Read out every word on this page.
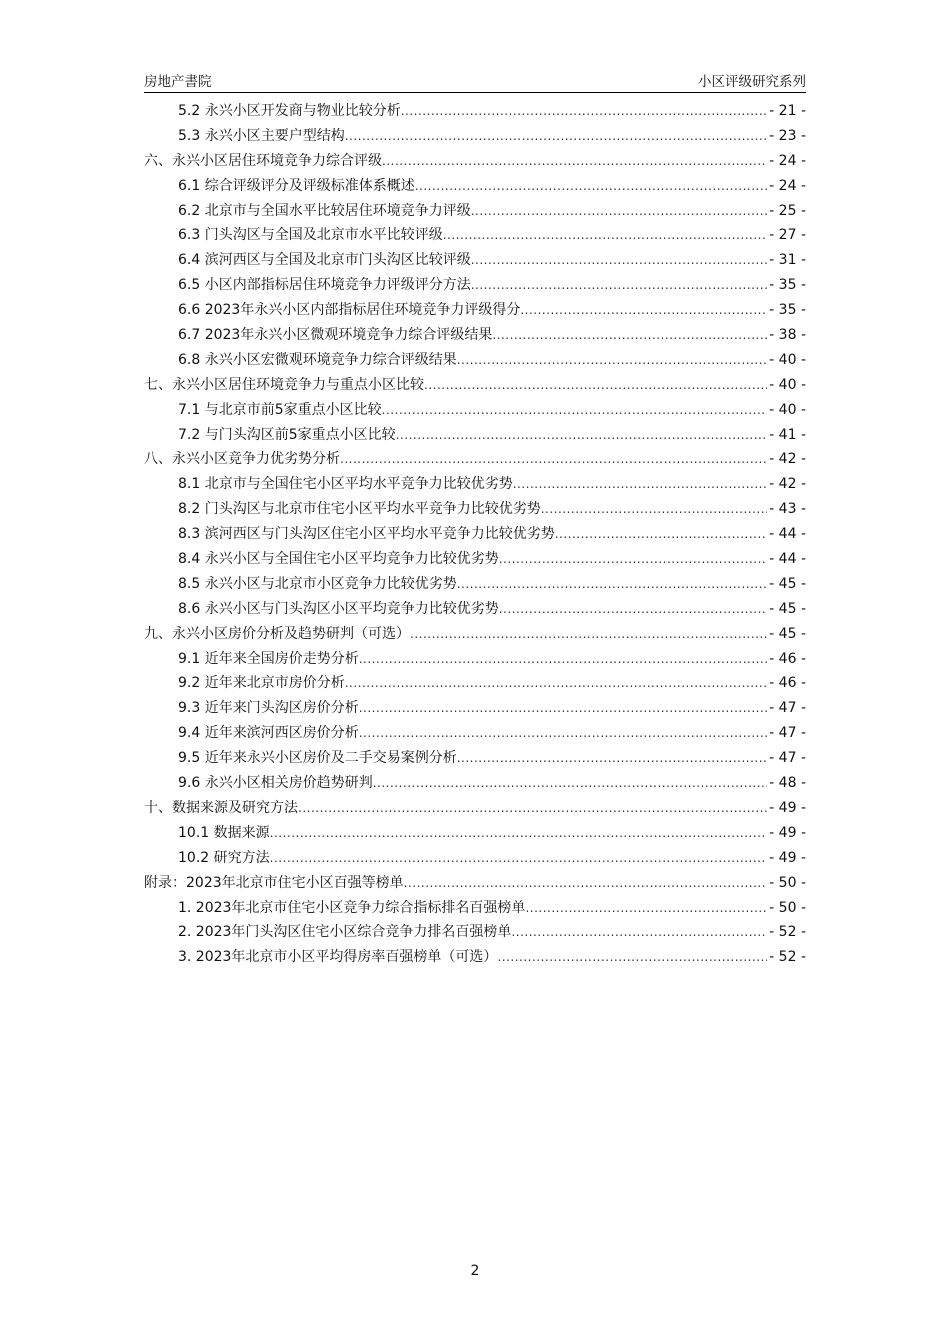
房地产書院	小区评级研究系列
5.2 永兴小区开发商与物业比较分析 .....	- 21 -
5.3 永兴小区主要户型结构 .....	- 23 -
六、永兴小区居住环境竞争力综合评级 .....	- 24 -
6.1 综合评级评分及评级标准体系概述 .....	- 24 -
6.2 北京市与全国水平比较居住环境竞争力评级 .....	- 25 -
6.3 门头沟区与全国及北京市水平比较评级 .....	- 27 -
6.4 滨河西区与全国及北京市门头沟区比较评级 .....	- 31 -
6.5 小区内部指标居住环境竞争力评级评分方法 .....	- 35 -
6.6 2023年永兴小区内部指标居住环境竞争力评级得分 .....	- 35 -
6.7 2023年永兴小区微观环境竞争力综合评级结果 .....	- 38 -
6.8 永兴小区宏微观环境竞争力综合评级结果 .....	- 40 -
七、永兴小区居住环境竞争力与重点小区比较 .....	- 40 -
7.1 与北京市前5家重点小区比较 .....	- 40 -
7.2 与门头沟区前5家重点小区比较 .....	- 41 -
八、永兴小区竞争力优劣势分析 .....	- 42 -
8.1 北京市与全国住宅小区平均水平竞争力比较优劣势 .....	- 42 -
8.2 门头沟区与北京市住宅小区平均水平竞争力比较优劣势 .....	- 43 -
8.3 滨河西区与门头沟区住宅小区平均水平竞争力比较优劣势 .....	- 44 -
8.4 永兴小区与全国住宅小区平均竞争力比较优劣势 .....	- 44 -
8.5 永兴小区与北京市小区竞争力比较优劣势 .....	- 45 -
8.6 永兴小区与门头沟区小区平均竞争力比较优劣势 .....	- 45 -
九、永兴小区房价分析及趋势研判（可选） .....	- 45 -
9.1 近年来全国房价走势分析 .....	- 46 -
9.2 近年来北京市房价分析 .....	- 46 -
9.3 近年来门头沟区房价分析 .....	- 47 -
9.4 近年来滨河西区房价分析 .....	- 47 -
9.5 近年来永兴小区房价及二手交易案例分析 .....	- 47 -
9.6 永兴小区相关房价趋势研判 .....	- 48 -
十、数据来源及研究方法 .....	- 49 -
10.1 数据来源 .....	- 49 -
10.2 研究方法 .....	- 49 -
附录：2023年北京市住宅小区百强等榜单 .....	- 50 -
1. 2023年北京市住宅小区竞争力综合指标排名百强榜单 .....	- 50 -
2. 2023年门头沟区住宅小区综合竞争力排名百强榜单 .....	- 52 -
3. 2023年北京市小区平均得房率百强榜单（可选） .....	- 52 -
2
